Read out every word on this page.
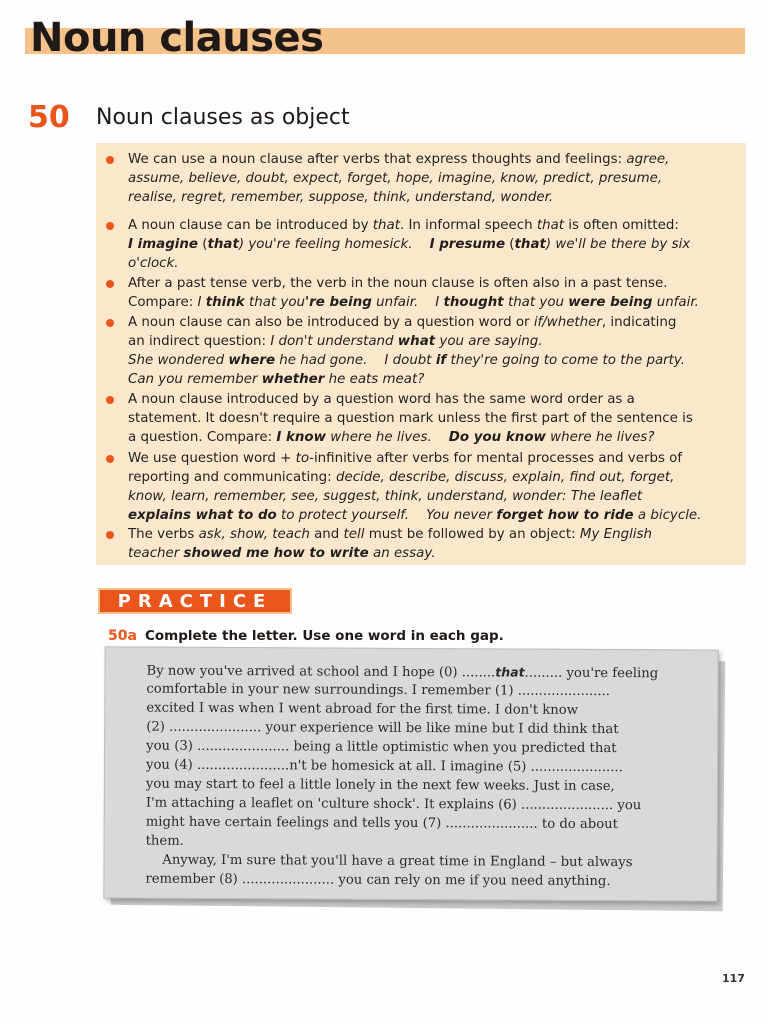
Noun clauses
50 Noun clauses as object
We can use a noun clause after verbs that express thoughts and feelings: agree,
assume, believe, doubt, expect, forget, hope, imagine, know, predict, presume,
realise, regret, remember, suppose, think, understand, wonder.
A noun clause can be introduced by that. In informal speech that is often omitted:
I imagine (that) you're feeling homesick.    I presume (that) we'll be there by six
o'clock.
After a past tense verb, the verb in the noun clause is often also in a past tense.
Compare: I think that you're being unfair.    I thought that you were being unfair.
A noun clause can also be introduced by a question word or if/whether, indicating
an indirect question: I don't understand what you are saying.
She wondered where he had gone.    I doubt if they're going to come to the party.
Can you remember whether he eats meat?
A noun clause introduced by a question word has the same word order as a
statement. It doesn't require a question mark unless the first part of the sentence is
a question. Compare: I know where he lives.    Do you know where he lives?
We use question word + to-infinitive after verbs for mental processes and verbs of
reporting and communicating: decide, describe, discuss, explain, find out, forget,
know, learn, remember, see, suggest, think, understand, wonder: The leaflet
explains what to do to protect yourself.    You never forget how to ride a bicycle.
The verbs ask, show, teach and tell must be followed by an object: My English
teacher showed me how to write an essay.
PRACTICE
50a Complete the letter. Use one word in each gap.
By now you've arrived at school and I hope (0) ........that......... you're feeling
comfortable in your new surroundings. I remember (1) ......................
excited I was when I went abroad for the first time. I don't know
(2) ...................... your experience will be like mine but I did think that
you (3) ...................... being a little optimistic when you predicted that
you (4) ......................n't be homesick at all. I imagine (5) ......................
you may start to feel a little lonely in the next few weeks. Just in case,
I'm attaching a leaflet on 'culture shock'. It explains (6) ...................... you
might have certain feelings and tells you (7) ...................... to do about
them.
Anyway, I'm sure that you'll have a great time in England – but always
remember (8) ...................... you can rely on me if you need anything.
117
